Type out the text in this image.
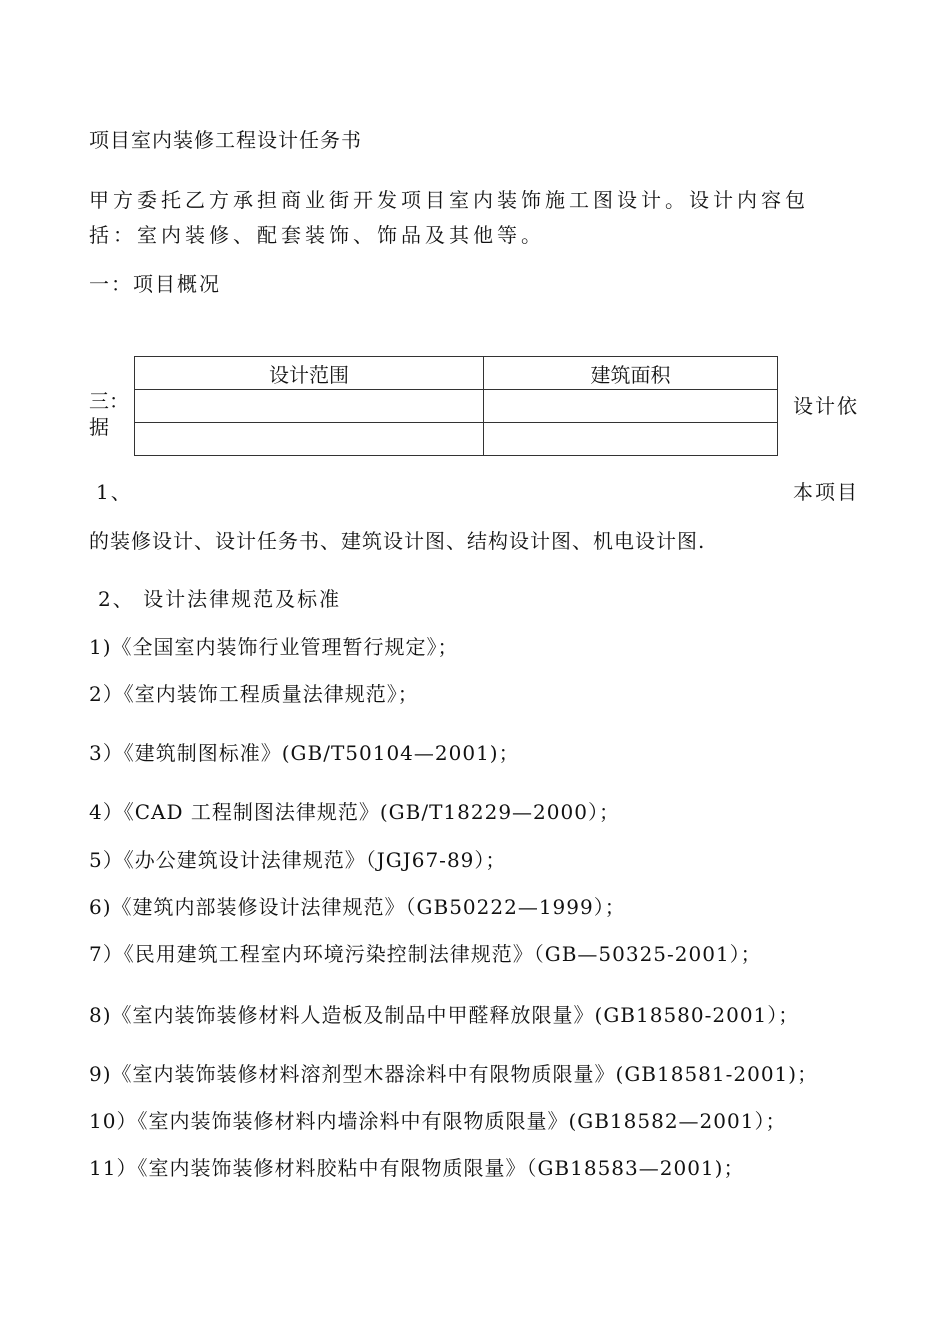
项目室内装修工程设计任务书
甲方委托乙方承担商业街开发项目室内装饰施工图设计。设计内容包
括：室内装修、配套装饰、饰品及其他等。
一：项目概况
设计范围	建筑面积

三：
据
设计依
1、	本项目
的装修设计、设计任务书、建筑设计图、结构设计图、机电设计图.
2、 设计法律规范及标准
1)《全国室内装饰行业管理暂行规定》；
2）《室内装饰工程质量法律规范》；
3）《建筑制图标准》(GB/T50104—2001)；
4）《CAD 工程制图法律规范》(GB/T18229—2000）；
5）《办公建筑设计法律规范》（JGJ67-89）；
6)《建筑内部装修设计法律规范》（GB50222—1999）；
7）《民用建筑工程室内环境污染控制法律规范》（GB—50325-2001）；
8)《室内装饰装修材料人造板及制品中甲醛释放限量》(GB18580-2001）；
9)《室内装饰装修材料溶剂型木器涂料中有限物质限量》(GB18581-2001)；
10）《室内装饰装修材料内墙涂料中有限物质限量》(GB18582—2001）；
11）《室内装饰装修材料胶粘中有限物质限量》（GB18583—2001)；
